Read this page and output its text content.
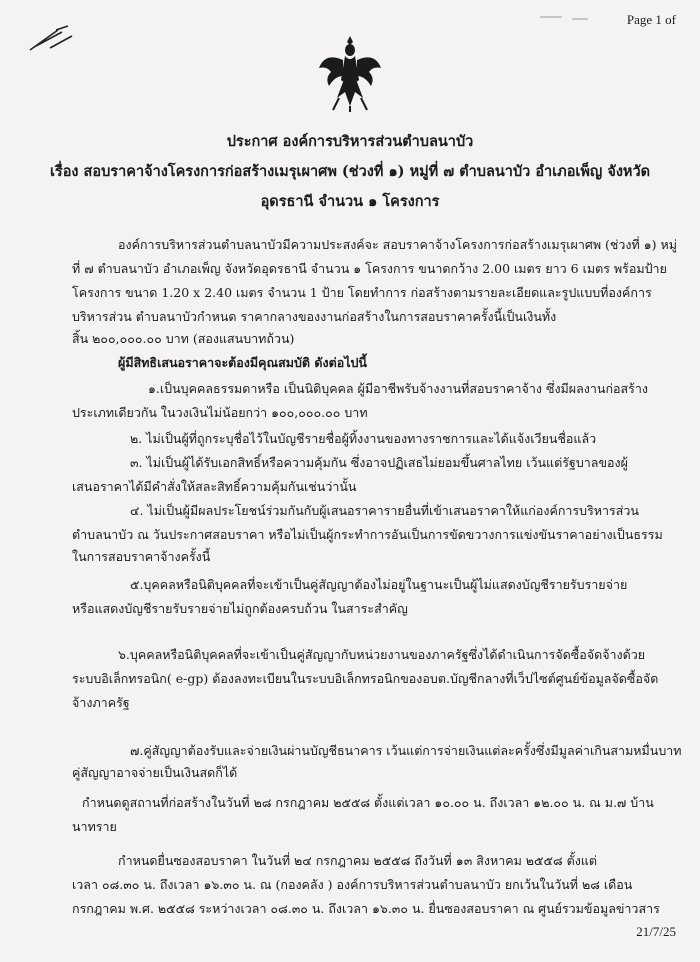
Page 1 of
ประกาศ องค์การบริหารส่วนตำบลนาบัว
เรื่อง สอบราคาจ้างโครงการก่อสร้างเมรุเผาศพ (ช่วงที่ ๑) หมู่ที่ ๗ ตำบลนาบัว อำเภอเพ็ญ จังหวัด
อุดรธานี จำนวน ๑ โครงการ
องค์การบริหารส่วนตำบลนาบัวมีความประสงค์จะ สอบราคาจ้างโครงการก่อสร้างเมรุเผาศพ (ช่วงที่ ๑) หมู่
ที่ ๗ ตำบลนาบัว อำเภอเพ็ญ จังหวัดอุดรธานี จำนวน ๑ โครงการ ขนาดกว้าง 2.00 เมตร ยาว 6 เมตร พร้อมป้าย
โครงการ ขนาด 1.20 x 2.40 เมตร จำนวน 1 ป้าย โดยทำการ ก่อสร้างตามรายละเอียดและรูปแบบที่องค์การ
บริหารส่วน ตำบลนาบัวกำหนด ราคากลางของงานก่อสร้างในการสอบราคาครั้งนี้เป็นเงินทั้ง
สิ้น ๒๐๐,๐๐๐.๐๐ บาท (สองแสนบาทถ้วน)
ผู้มีสิทธิเสนอราคาจะต้องมีคุณสมบัติ ดังต่อไปนี้
๑.เป็นบุคคลธรรมดาหรือ เป็นนิติบุคคล ผู้มีอาชีพรับจ้างงานที่สอบราคาจ้าง ซึ่งมีผลงานก่อสร้าง
ประเภทเดียวกัน ในวงเงินไม่น้อยกว่า ๑๐๐,๐๐๐.๐๐ บาท
๒. ไม่เป็นผู้ที่ถูกระบุชื่อไว้ในบัญชีรายชื่อผู้ทิ้งงานของทางราชการและได้แจ้งเวียนชื่อแล้ว
๓. ไม่เป็นผู้ได้รับเอกสิทธิ์หรือความคุ้มกัน ซึ่งอาจปฏิเสธไม่ยอมขึ้นศาลไทย เว้นแต่รัฐบาลของผู้
เสนอราคาได้มีคำสั่งให้สละสิทธิ์ความคุ้มกันเช่นว่านั้น
๔. ไม่เป็นผู้มีผลประโยชน์ร่วมกันกับผู้เสนอราคารายอื่นที่เข้าเสนอราคาให้แก่องค์การบริหารส่วน
ตำบลนาบัว ณ วันประกาศสอบราคา หรือไม่เป็นผู้กระทำการอันเป็นการขัดขวางการแข่งขันราคาอย่างเป็นธรรม
ในการสอบราคาจ้างครั้งนี้
๕.บุคคลหรือนิติบุคคลที่จะเข้าเป็นคู่สัญญาต้องไม่อยู่ในฐานะเป็นผู้ไม่แสดงบัญชีรายรับรายจ่าย
หรือแสดงบัญชีรายรับรายจ่ายไม่ถูกต้องครบถ้วน ในสาระสำคัญ
๖.บุคคลหรือนิติบุคคลที่จะเข้าเป็นคู่สัญญากับหน่วยงานของภาครัฐซึ่งได้ดำเนินการจัดซื้อจัดจ้างด้วย
ระบบอิเล็กทรอนิก( e-gp) ต้องลงทะเบียนในระบบอิเล็กทรอนิกของอบต.บัญชีกลางที่เว็ปไซต์ศูนย์ข้อมูลจัดซื้อจัด
จ้างภาครัฐ
๗.คู่สัญญาต้องรับและจ่ายเงินผ่านบัญชีธนาคาร เว้นแต่การจ่ายเงินแต่ละครั้งซึ่งมีมูลค่าเกินสามหมื่นบาท
คู่สัญญาอาจจ่ายเป็นเงินสดก็ได้
กำหนดดูสถานที่ก่อสร้างในวันที่ ๒๘ กรกฎาคม ๒๕๕๘ ตั้งแต่เวลา ๑๐.๐๐ น. ถึงเวลา ๑๒.๐๐ น. ณ ม.๗ บ้าน
นาทราย
กำหนดยื่นซองสอบราคา ในวันที่ ๒๔ กรกฎาคม ๒๕๕๘ ถึงวันที่ ๑๓ สิงหาคม ๒๕๕๘ ตั้งแต่
เวลา ๐๘.๓๐ น. ถึงเวลา ๑๖.๓๐ น. ณ (กองคลัง ) องค์การบริหารส่วนตำบลนาบัว ยกเว้นในวันที่ ๒๘ เดือน
กรกฎาคม พ.ศ. ๒๕๕๘ ระหว่างเวลา ๐๘.๓๐ น. ถึงเวลา ๑๖.๓๐ น. ยื่นซองสอบราคา ณ ศูนย์รวมข้อมูลข่าวสาร
21/7/25
